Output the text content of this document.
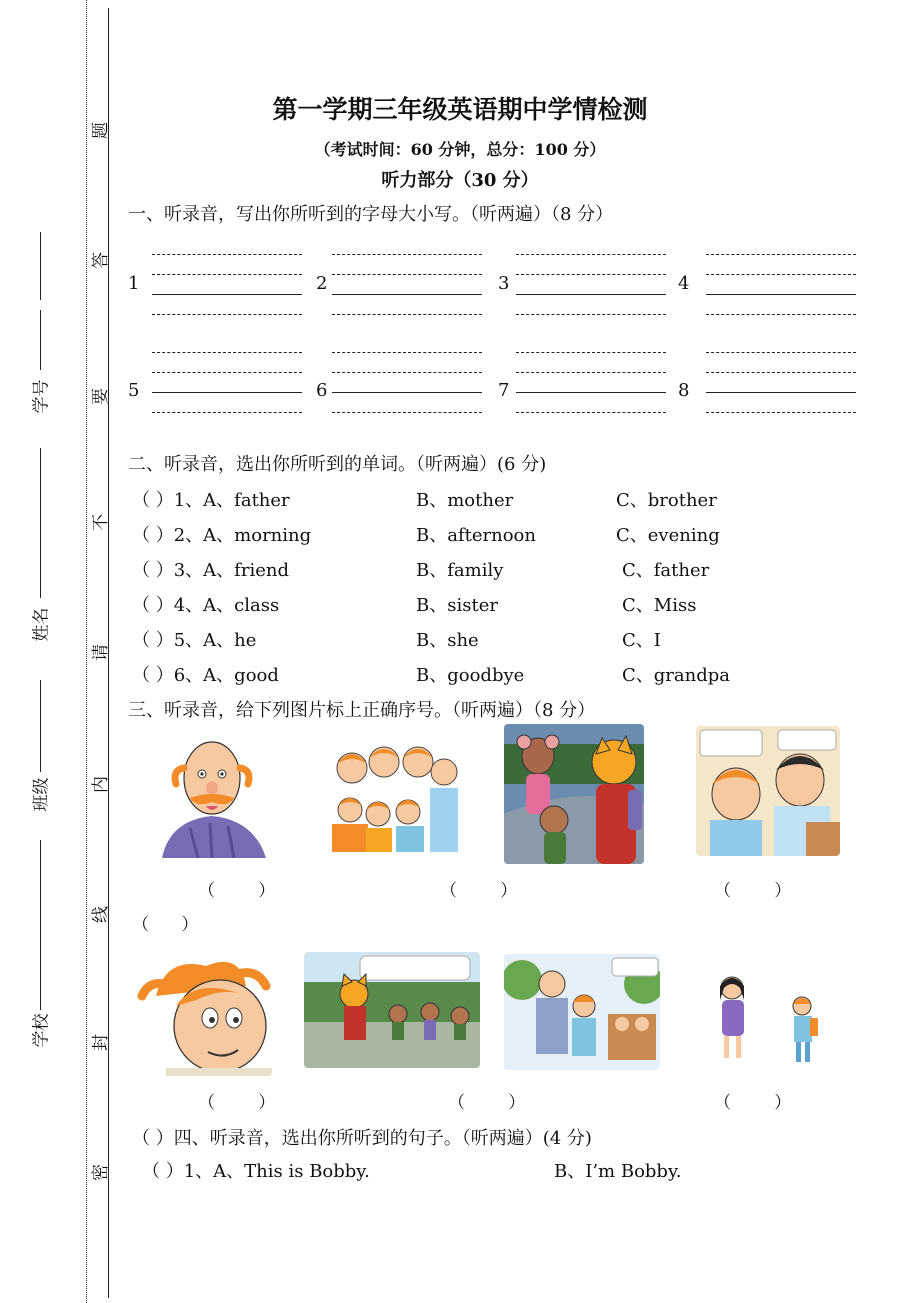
学号
姓名
班级
学校
题
答
要
不
请
内
线
封
密
第一学期三年级英语期中学情检测
（考试时间：60 分钟，总分：100 分）
听力部分（30 分）
一、听录音，写出你所听到的字母大小写。（听两遍）（8 分）
1	2	3	4
5	6	7	8
二、听录音，选出你所听到的单词。（听两遍）(6 分)
（ ）1、A、father	B、mother	C、brother
（ ）2、A、morning	B、afternoon	C、evening
（ ）3、A、friend	B、family	C、father
（ ）4、A、class	B、sister	C、Miss
（ ）5、A、he	B、she	C、I
（ ）6、A、good	B、goodbye	C、grandpa
三、听录音，给下列图片标上正确序号。（听两遍）（8 分）
（        ）	（        ）	（        ）
（      ）
（        ）	（        ）	（        ）
（ ）四、听录音，选出你所听到的句子。（听两遍）(4 分)
（ ）1、A、This is Bobby.	B、I’m Bobby.
